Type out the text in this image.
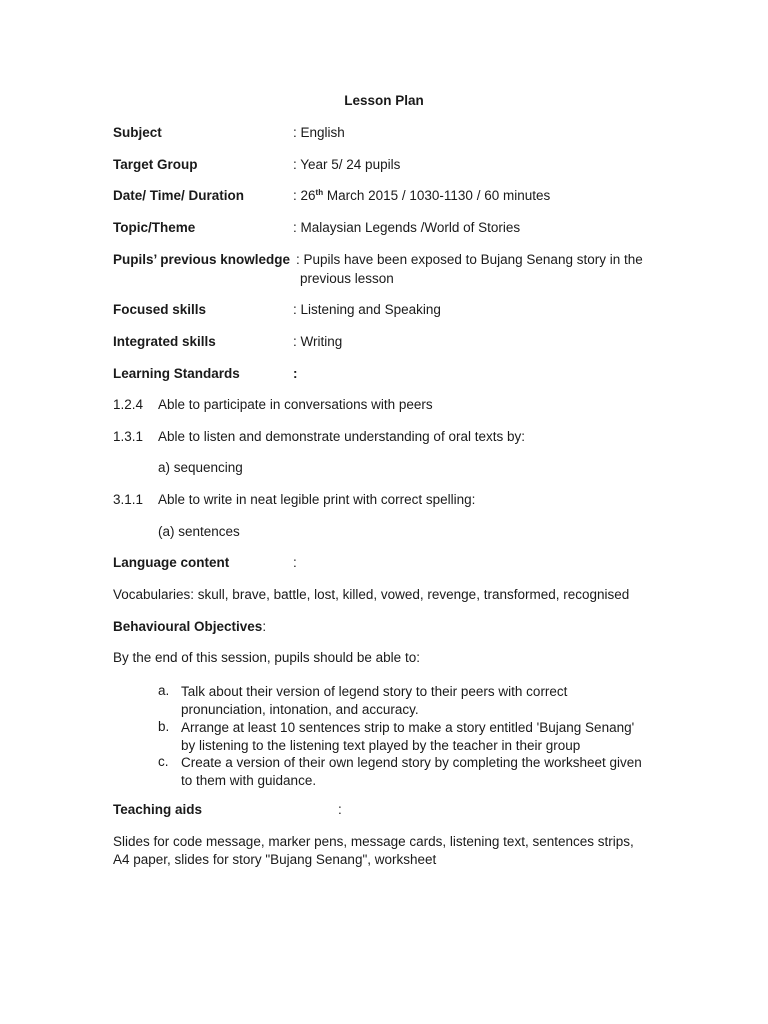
Lesson Plan
Subject	: English
Target Group	: Year 5/ 24 pupils
Date/ Time/ Duration	: 26th March 2015 / 1030-1130 / 60 minutes
Topic/Theme	: Malaysian Legends /World of Stories
Pupils’ previous knowledge : Pupils have been exposed to Bujang Senang story in the
previous lesson
Focused skills	: Listening and Speaking
Integrated skills	: Writing
Learning Standards	:
1.2.4 Able to participate in conversations with peers
1.3.1 Able to listen and demonstrate understanding of oral texts by:
a) sequencing
3.1.1 Able to write in neat legible print with correct spelling:
(a) sentences
Language content	:
Vocabularies: skull, brave, battle, lost, killed, vowed, revenge, transformed, recognised
Behavioural Objectives:
By the end of this session, pupils should be able to:
a. Talk about their version of legend story to their peers with correct
pronunciation, intonation, and accuracy.
b. Arrange at least 10 sentences strip to make a story entitled 'Bujang Senang'
by listening to the listening text played by the teacher in their group
c. Create a version of their own legend story by completing the worksheet given
to them with guidance.
Teaching aids	:
Slides for code message, marker pens, message cards, listening text, sentences strips,
A4 paper, slides for story "Bujang Senang", worksheet
